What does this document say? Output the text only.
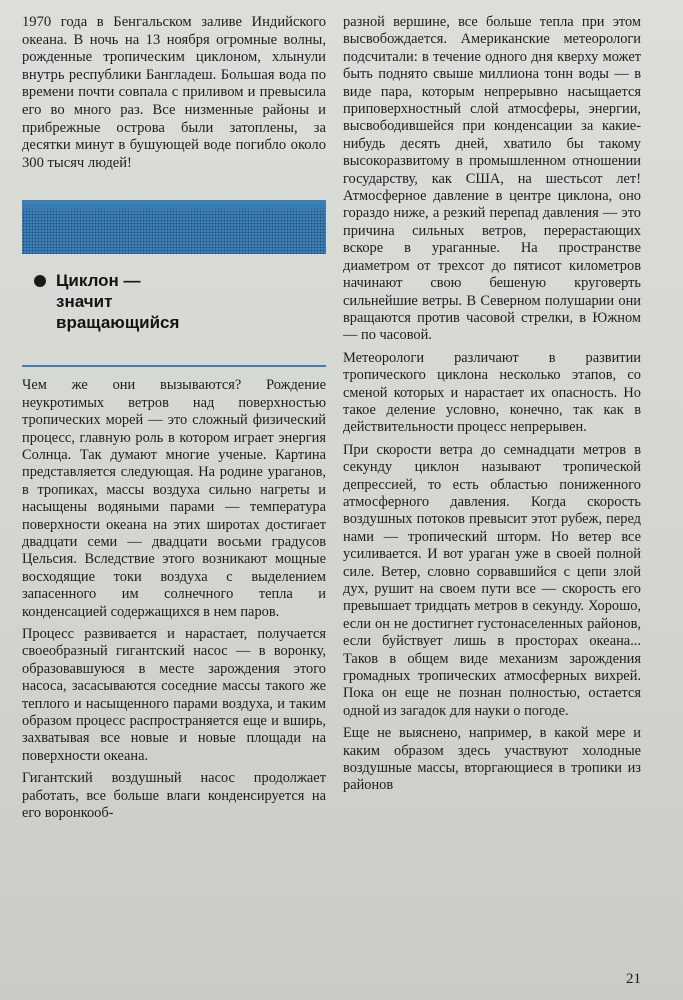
1970 года в Бенгальском заливе Индийского океана. В ночь на 13 ноября огромные волны, рожденные тропическим циклоном, хлынули внутрь республики Бангладеш. Большая вода по времени почти совпала с приливом и превысила его во много раз. Все низменные районы и прибрежные острова были затоплены, за десятки минут в бушующей воде погибло около 300 тысяч людей!

Циклон —
значит
вращающийся

Чем же они вызываются? Рождение неукротимых ветров над поверхностью тропических морей — это сложный физический процесс, главную роль в котором играет энергия Солнца. Так думают многие ученые. Картина представляется следующая. На родине ураганов, в тропиках, массы воздуха сильно нагреты и насыщены водяными парами — температура поверхности океана на этих широтах достигает двадцати семи — двадцати восьми градусов Цельсия. Вследствие этого возникают мощные восходящие токи воздуха с выделением запасенного им солнечного тепла и конденсацией содержащихся в нем паров.

Процесс развивается и нарастает, получается своеобразный гигантский насос — в воронку, образовавшуюся в месте зарождения этого насоса, засасываются соседние массы такого же теплого и насыщенного парами воздуха, и таким образом процесс распространяется еще и вширь, захватывая все новые и новые площади на поверхности океана.

Гигантский воздушный насос продолжает работать, все больше влаги конденсируется на его воронкооб-

разной вершине, все больше тепла при этом высвобождается. Американские метеорологи подсчитали: в течение одного дня кверху может быть поднято свыше миллиона тонн воды — в виде пара, которым непрерывно насыщается приповерхностный слой атмосферы, энергии, высвободившейся при конденсации за какие-нибудь десять дней, хватило бы такому высокоразвитому в промышленном отношении государству, как США, на шестьсот лет! Атмосферное давление в центре циклона, оно гораздо ниже, а резкий перепад давления — это причина сильных ветров, перерастающих вскоре в ураганные. На пространстве диаметром от трехсот до пятисот километров начинают свою бешеную круговерть сильнейшие ветры. В Северном полушарии они вращаются против часовой стрелки, в Южном — по часовой.

Метеорологи различают в развитии тропического циклона несколько этапов, со сменой которых и нарастает их опасность. Но такое деление условно, конечно, так как в действительности процесс непрерывен.

При скорости ветра до семнадцати метров в секунду циклон называют тропической депрессией, то есть областью пониженного атмосферного давления. Когда скорость воздушных потоков превысит этот рубеж, перед нами — тропический шторм. Но ветер все усиливается. И вот ураган уже в своей полной силе. Ветер, словно сорвавшийся с цепи злой дух, рушит на своем пути все — скорость его превышает тридцать метров в секунду. Хорошо, если он не достигнет густонаселенных районов, если буйствует лишь в просторах океана... Таков в общем виде механизм зарождения громадных тропических атмосферных вихрей. Пока он еще не познан полностью, остается одной из загадок для науки о погоде.

Еще не выяснено, например, в какой мере и каким образом здесь участвуют холодные воздушные массы, вторгающиеся в тропики из районов

21
